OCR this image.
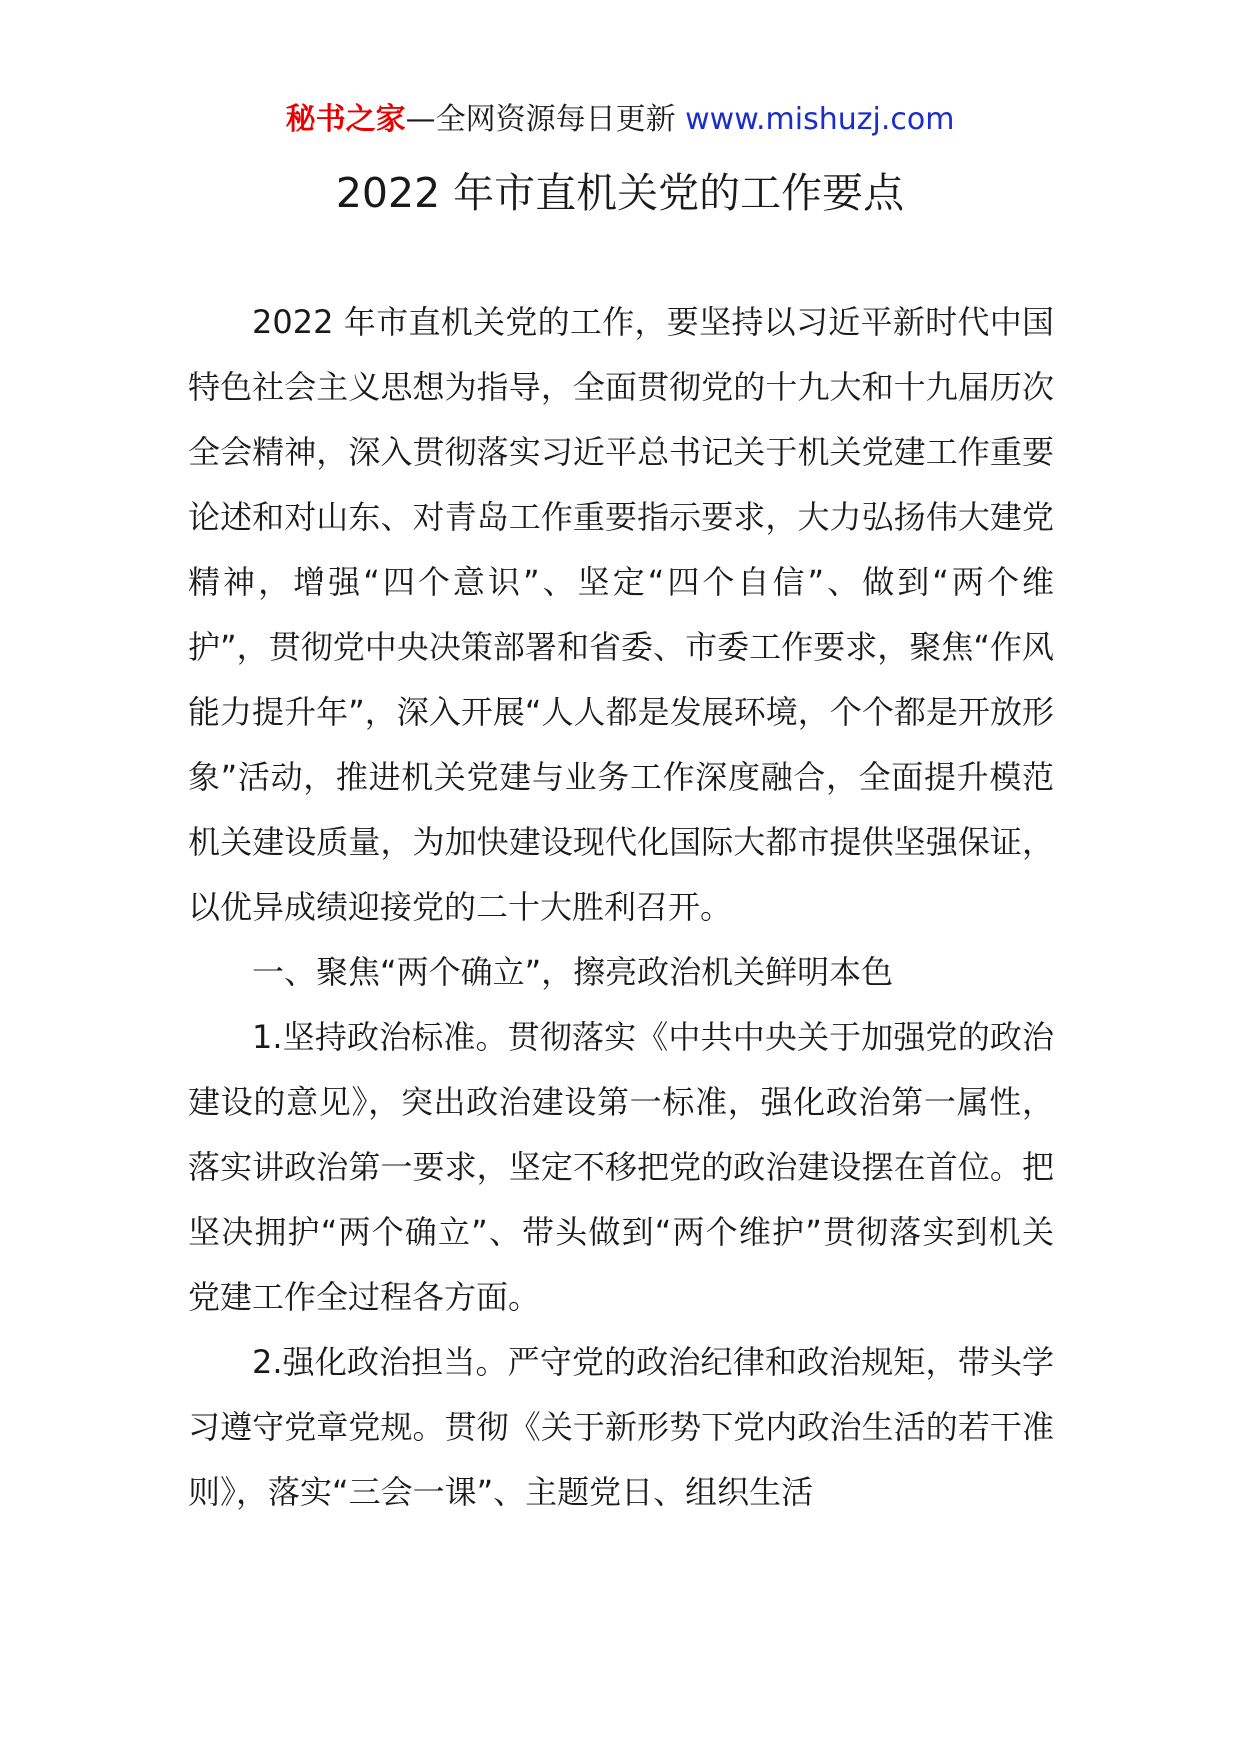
秘书之家—全网资源每日更新 www.mishuzj.com
2022 年市直机关党的工作要点

2022 年市直机关党的工作，要坚持以习近平新时代中国特色社会主义思想为指导，全面贯彻党的十九大和十九届历次全会精神，深入贯彻落实习近平总书记关于机关党建工作重要论述和对山东、对青岛工作重要指示要求，大力弘扬伟大建党精神，增强“四个意识”、坚定“四个自信”、做到“两个维护”，贯彻党中央决策部署和省委、市委工作要求，聚焦“作风能力提升年”，深入开展“人人都是发展环境，个个都是开放形象”活动，推进机关党建与业务工作深度融合，全面提升模范机关建设质量，为加快建设现代化国际大都市提供坚强保证，以优异成绩迎接党的二十大胜利召开。

一、聚焦“两个确立”，擦亮政治机关鲜明本色

1.坚持政治标准。贯彻落实《中共中央关于加强党的政治建设的意见》，突出政治建设第一标准，强化政治第一属性，落实讲政治第一要求，坚定不移把党的政治建设摆在首位。把坚决拥护“两个确立”、带头做到“两个维护”贯彻落实到机关党建工作全过程各方面。

2.强化政治担当。严守党的政治纪律和政治规矩，带头学习遵守党章党规。贯彻《关于新形势下党内政治生活的若干准则》，落实“三会一课”、主题党日、组织生活
